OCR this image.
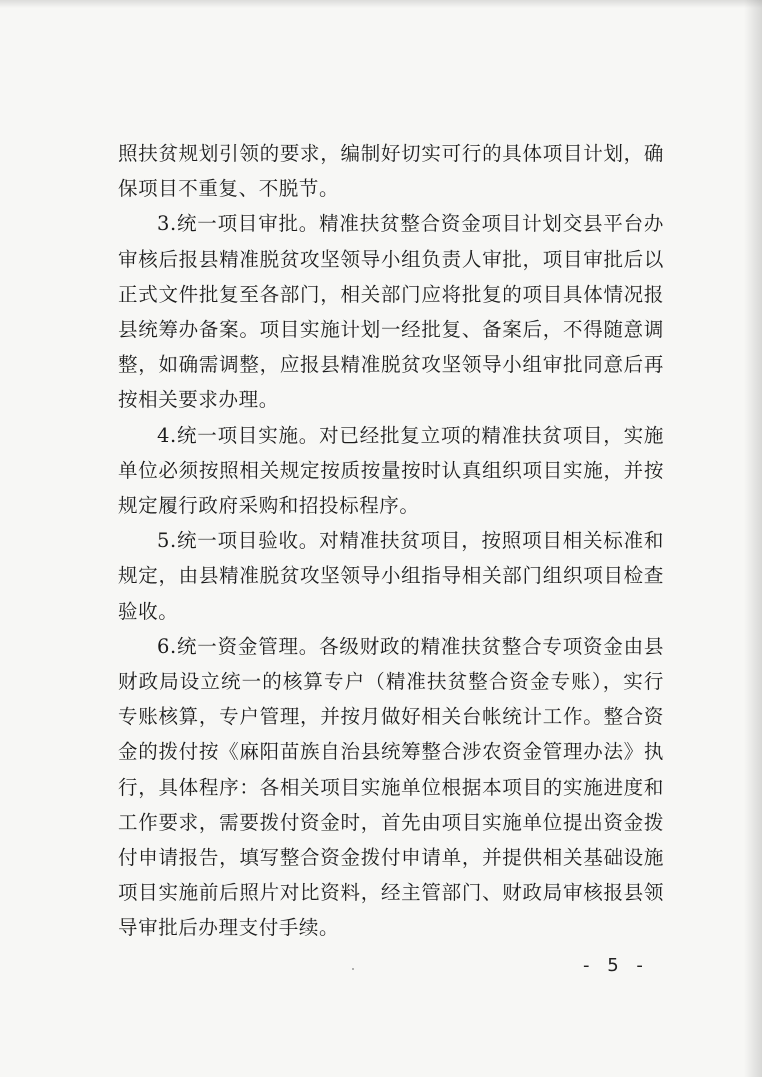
照扶贫规划引领的要求，编制好切实可行的具体项目计划，确保项目不重复、不脱节。

3.统一项目审批。精准扶贫整合资金项目计划交县平台办审核后报县精准脱贫攻坚领导小组负责人审批，项目审批后以正式文件批复至各部门，相关部门应将批复的项目具体情况报县统筹办备案。项目实施计划一经批复、备案后，不得随意调整，如确需调整，应报县精准脱贫攻坚领导小组审批同意后再按相关要求办理。

4.统一项目实施。对已经批复立项的精准扶贫项目，实施单位必须按照相关规定按质按量按时认真组织项目实施，并按规定履行政府采购和招投标程序。

5.统一项目验收。对精准扶贫项目，按照项目相关标准和规定，由县精准脱贫攻坚领导小组指导相关部门组织项目检查验收。

6.统一资金管理。各级财政的精准扶贫整合专项资金由县财政局设立统一的核算专户（精准扶贫整合资金专账），实行专账核算，专户管理，并按月做好相关台帐统计工作。整合资金的拨付按《麻阳苗族自治县统筹整合涉农资金管理办法》执行，具体程序：各相关项目实施单位根据本项目的实施进度和工作要求，需要拨付资金时，首先由项目实施单位提出资金拨付申请报告，填写整合资金拨付申请单，并提供相关基础设施项目实施前后照片对比资料，经主管部门、财政局审核报县领导审批后办理支付手续。

- 5 -
